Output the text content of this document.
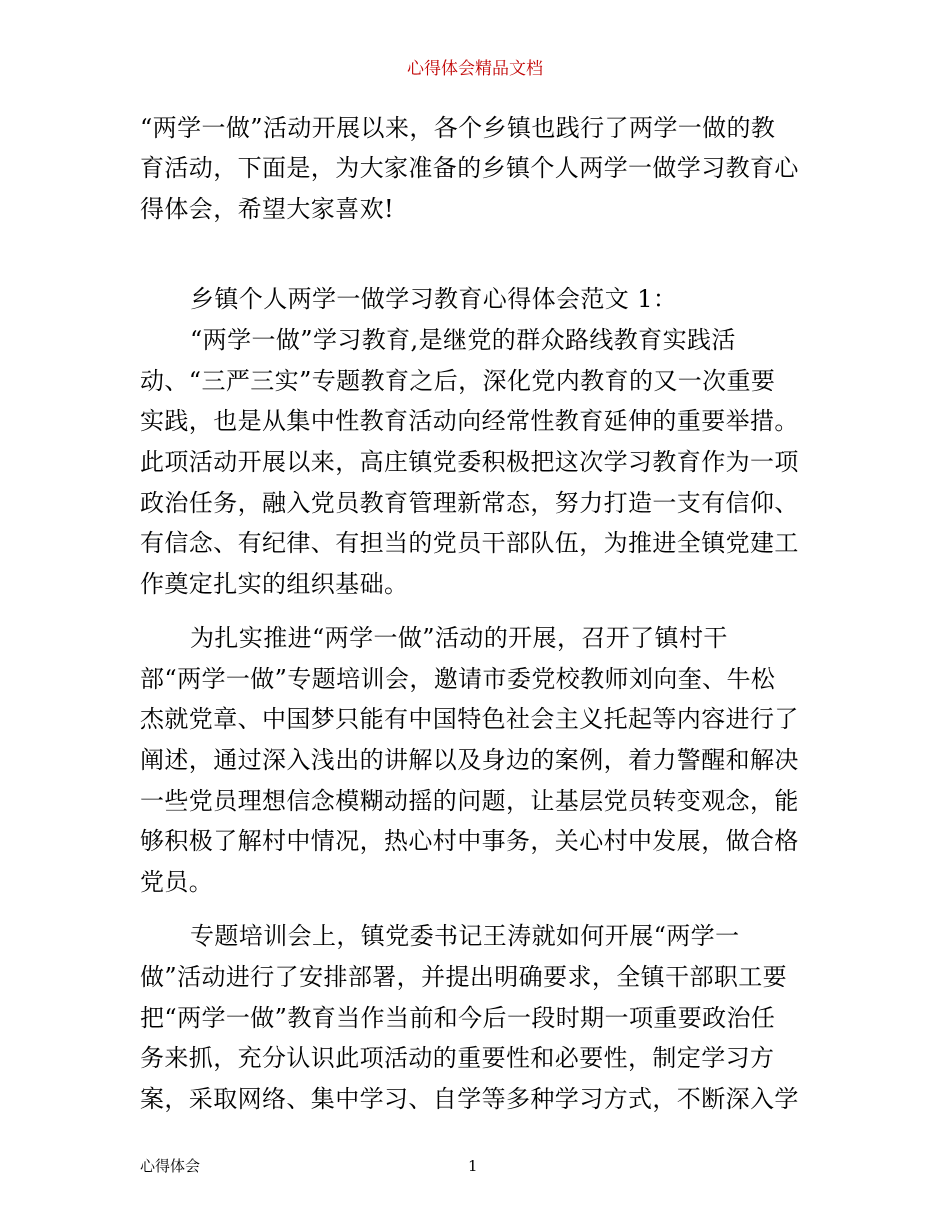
心得体会精品文档
“两学一做”活动开展以来，各个乡镇也践行了两学一做的教
育活动，下面是，为大家准备的乡镇个人两学一做学习教育心
得体会，希望大家喜欢!
乡镇个人两学一做学习教育心得体会范文 1：
“两学一做”学习教育,是继党的群众路线教育实践活
动、“三严三实”专题教育之后，深化党内教育的又一次重要
实践，也是从集中性教育活动向经常性教育延伸的重要举措。
此项活动开展以来，高庄镇党委积极把这次学习教育作为一项
政治任务，融入党员教育管理新常态，努力打造一支有信仰、
有信念、有纪律、有担当的党员干部队伍，为推进全镇党建工
作奠定扎实的组织基础。
为扎实推进“两学一做”活动的开展，召开了镇村干
部“两学一做”专题培训会，邀请市委党校教师刘向奎、牛松
杰就党章、中国梦只能有中国特色社会主义托起等内容进行了
阐述，通过深入浅出的讲解以及身边的案例，着力警醒和解决
一些党员理想信念模糊动摇的问题，让基层党员转变观念，能
够积极了解村中情况，热心村中事务，关心村中发展，做合格
党员。
专题培训会上，镇党委书记王涛就如何开展“两学一
做”活动进行了安排部署，并提出明确要求，全镇干部职工要
把“两学一做”教育当作当前和今后一段时期一项重要政治任
务来抓，充分认识此项活动的重要性和必要性，制定学习方
案，采取网络、集中学习、自学等多种学习方式，不断深入学
心得体会	1
